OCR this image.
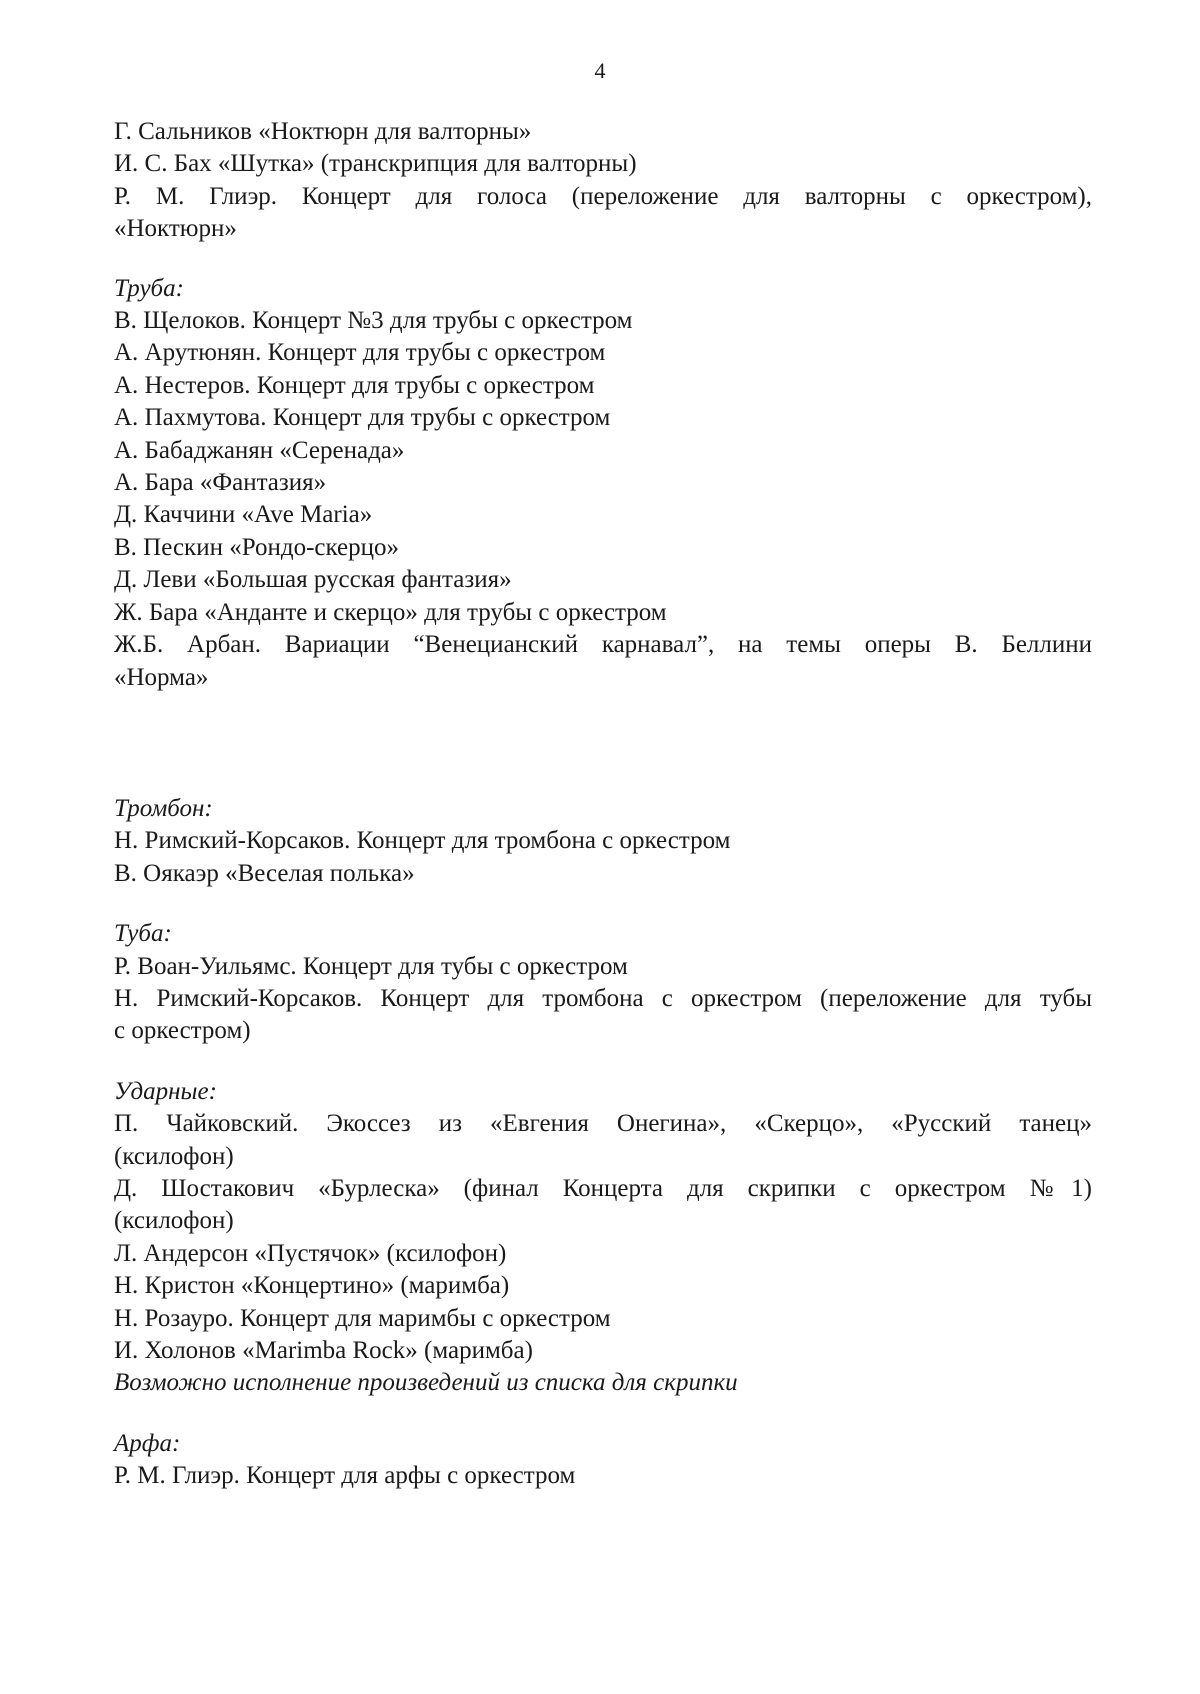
4

Г. Сальников «Ноктюрн для валторны»

И. С. Бах «Шутка» (транскрипция для валторны)

Р. М. Глиэр. Концерт для голоса (переложение для валторны с оркестром),

«Ноктюрн»

Труба:

В. Щелоков. Концерт №3 для трубы с оркестром

А. Арутюнян. Концерт для трубы с оркестром

А. Нестеров. Концерт для трубы с оркестром

А. Пахмутова. Концерт для трубы с оркестром

А. Бабаджанян «Серенада»

А. Бара «Фантазия»

Д. Каччини «Ave Maria»

В. Пескин «Рондо-скерцо»

Д. Леви «Большая русская фантазия»

Ж. Бара «Анданте и скерцо» для трубы с оркестром

Ж.Б. Арбан. Вариации “Венецианский карнавал”, на темы оперы В. Беллини

«Норма»

Тромбон:

Н. Римский-Корсаков. Концерт для тромбона с оркестром

В. Оякаэр «Веселая полька»

Туба:

Р. Воан-Уильямс. Концерт для тубы с оркестром

Н. Римский-Корсаков. Концерт для тромбона с оркестром (переложение для тубы

с оркестром)

Ударные:

П. Чайковский. Экоссез из «Евгения Онегина», «Скерцо», «Русский танец»

(ксилофон)

Д. Шостакович «Бурлеска» (финал Концерта для скрипки с оркестром №1)

(ксилофон)

Л. Андерсон «Пустячок» (ксилофон)

Н. Кристон «Концертино» (маримба)

Н. Розауро. Концерт для маримбы с оркестром

И. Холонов «Marimba Rock» (маримба)

Возможно исполнение произведений из списка для скрипки

Арфа:

Р. М. Глиэр. Концерт для арфы с оркестром
